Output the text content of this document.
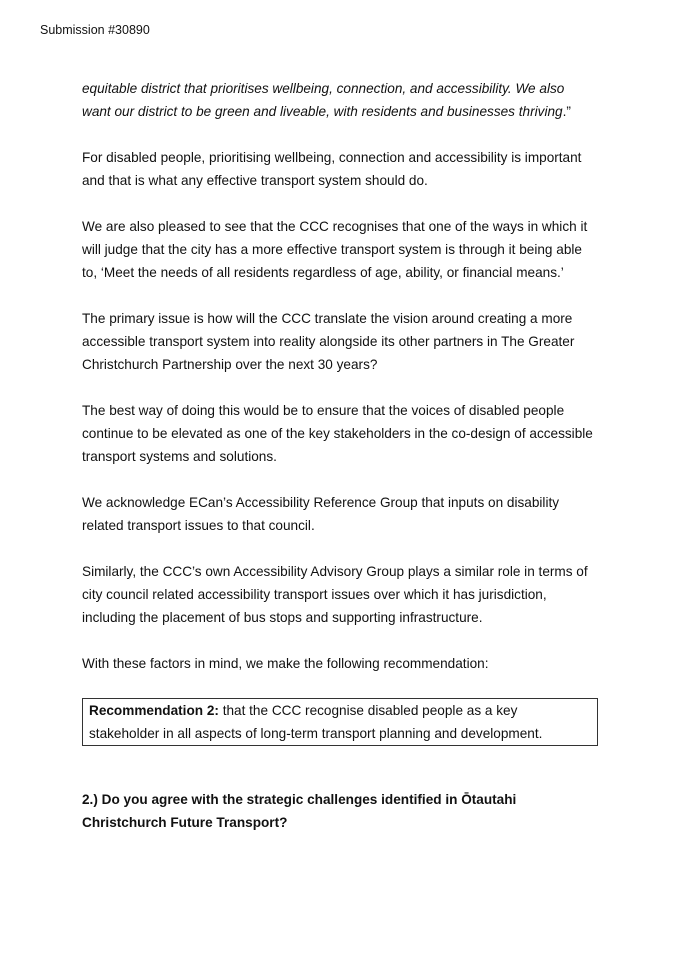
Submission #30890

equitable district that prioritises wellbeing, connection, and accessibility. We also
want our district to be green and liveable, with residents and businesses thriving.”

For disabled people, prioritising wellbeing, connection and accessibility is important
and that is what any effective transport system should do.

We are also pleased to see that the CCC recognises that one of the ways in which it
will judge that the city has a more effective transport system is through it being able
to, ‘Meet the needs of all residents regardless of age, ability, or financial means.’

The primary issue is how will the CCC translate the vision around creating a more
accessible transport system into reality alongside its other partners in The Greater
Christchurch Partnership over the next 30 years?

The best way of doing this would be to ensure that the voices of disabled people
continue to be elevated as one of the key stakeholders in the co-design of accessible
transport systems and solutions.

We acknowledge ECan’s Accessibility Reference Group that inputs on disability
related transport issues to that council.

Similarly, the CCC’s own Accessibility Advisory Group plays a similar role in terms of
city council related accessibility transport issues over which it has jurisdiction,
including the placement of bus stops and supporting infrastructure.

With these factors in mind, we make the following recommendation:

Recommendation 2: that the CCC recognise disabled people as a key
stakeholder in all aspects of long-term transport planning and development.
2.) Do you agree with the strategic challenges identified in Ōtautahi
Christchurch Future Transport?
